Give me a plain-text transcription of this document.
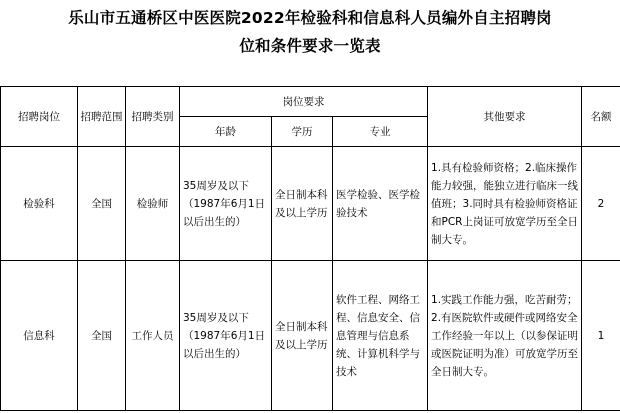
乐山市五通桥区中医医院2022年检验科和信息科人员编外自主招聘岗
位和条件要求一览表
招聘岗位	招聘范围	招聘类别	岗位要求			其他要求	名额
			年龄	学历	专业		
检验科	全国	检验师	35周岁及以下（1987年6月1日以后出生的）	全日制本科及以上学历	医学检验、医学检验技术	1.具有检验师资格；2.临床操作能力较强，能独立进行临床一线值班；3.同时具有检验师资格证和PCR上岗证可放宽学历至全日制大专。	2
信息科	全国	工作人员	35周岁及以下（1987年6月1日以后出生的）	全日制本科及以上学历	软件工程、网络工程、信息安全、信息管理与信息系统、计算机科学与技术	1.实践工作能力强，吃苦耐劳；2.有医院软件或硬件或网络安全工作经验一年以上（以参保证明或医院证明为准）可放宽学历至全日制大专。	1
